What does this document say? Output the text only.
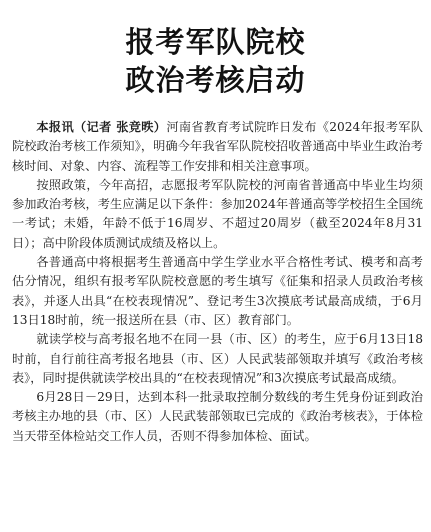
报考军队院校
政治考核启动

本报讯（记者 张竞昳）河南省教育考试院昨日发布《2024年报考军队院校政治考核工作须知》，明确今年我省军队院校招收普通高中毕业生政治考核时间、对象、内容、流程等工作安排和相关注意事项。

按照政策，今年高招，志愿报考军队院校的河南省普通高中毕业生均须参加政治考核，考生应满足以下条件：参加2024年普通高等学校招生全国统一考试；未婚，年龄不低于16周岁、不超过20周岁（截至2024年8月31日）；高中阶段体质测试成绩及格以上。

各普通高中将根据考生普通高中学生学业水平合格性考试、模考和高考估分情况，组织有报考军队院校意愿的考生填写《征集和招录人员政治考核表》，并逐人出具“在校表现情况”、登记考生3次摸底考试最高成绩，于6月13日18时前，统一报送所在县（市、区）教育部门。

就读学校与高考报名地不在同一县（市、区）的考生，应于6月13日18时前，自行前往高考报名地县（市、区）人民武装部领取并填写《政治考核表》，同时提供就读学校出具的“在校表现情况”和3次摸底考试最高成绩。

6月28日－29日，达到本科一批录取控制分数线的考生凭身份证到政治考核主办地的县（市、区）人民武装部领取已完成的《政治考核表》，于体检当天带至体检站交工作人员，否则不得参加体检、面试。
